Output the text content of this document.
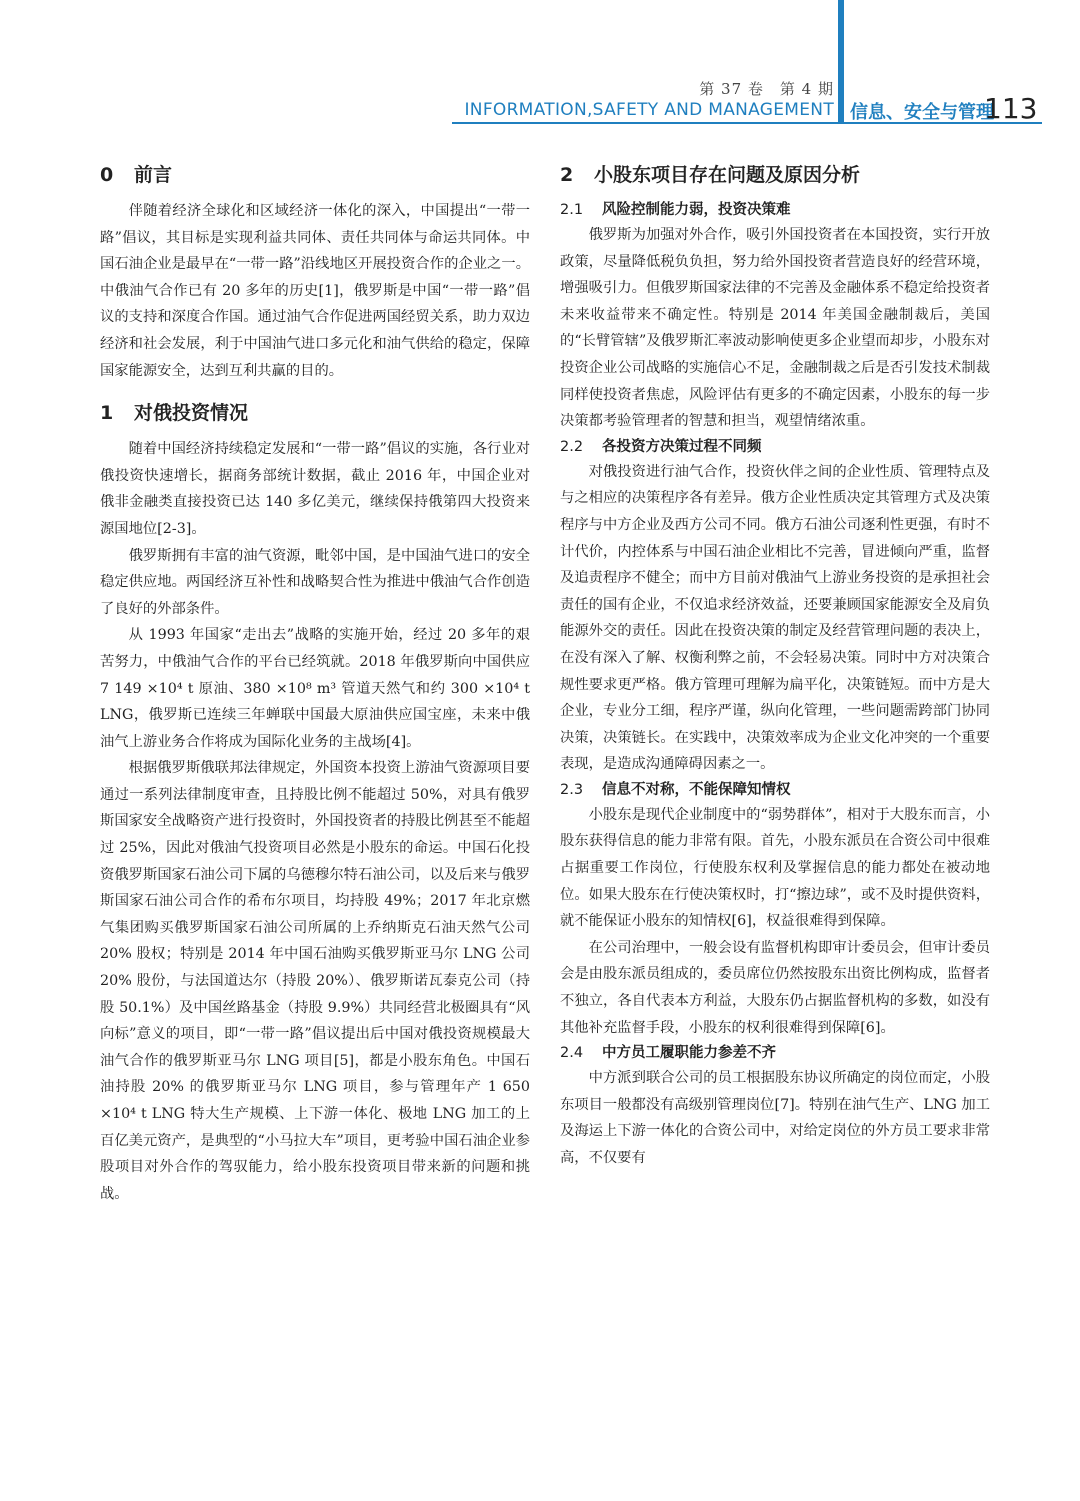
第 37 卷　第 4 期
INFORMATION,SAFETY AND MANAGEMENT 信息、安全与管理
113
0 前言

伴随着经济全球化和区域经济一体化的深入，中国提出“一带一路”倡议，其目标是实现利益共同体、责任共同体与命运共同体。中国石油企业是最早在“一带一路”沿线地区开展投资合作的企业之一。中俄油气合作已有 20 多年的历史[1]，俄罗斯是中国“一带一路”倡议的支持和深度合作国。通过油气合作促进两国经贸关系，助力双边经济和社会发展，利于中国油气进口多元化和油气供给的稳定，保障国家能源安全，达到互利共赢的目的。

1 对俄投资情况

随着中国经济持续稳定发展和“一带一路”倡议的实施，各行业对俄投资快速增长，据商务部统计数据，截止 2016 年，中国企业对俄非金融类直接投资已达 140 多亿美元，继续保持俄第四大投资来源国地位[2-3]。

俄罗斯拥有丰富的油气资源，毗邻中国，是中国油气进口的安全稳定供应地。两国经济互补性和战略契合性为推进中俄油气合作创造了良好的外部条件。

从 1993 年国家“走出去”战略的实施开始，经过 20 多年的艰苦努力，中俄油气合作的平台已经筑就。2018 年俄罗斯向中国供应7 149 ×10⁴ t 原油、380 ×10⁸ m³ 管道天然气和约 300 ×10⁴ t LNG，俄罗斯已连续三年蝉联中国最大原油供应国宝座，未来中俄油气上游业务合作将成为国际化业务的主战场[4]。

根据俄罗斯俄联邦法律规定，外国资本投资上游油气资源项目要通过一系列法律制度审查，且持股比例不能超过 50%，对具有俄罗斯国家安全战略资产进行投资时，外国投资者的持股比例甚至不能超过 25%，因此对俄油气投资项目必然是小股东的命运。中国石化投资俄罗斯国家石油公司下属的乌德穆尔特石油公司，以及后来与俄罗斯国家石油公司合作的希布尔项目，均持股 49%；2017 年北京燃气集团购买俄罗斯国家石油公司所属的上乔纳斯克石油天然气公司 20% 股权；特别是 2014 年中国石油购买俄罗斯亚马尔 LNG 公司 20% 股份，与法国道达尔（持股 20%）、俄罗斯诺瓦泰克公司（持股 50.1%）及中国丝路基金（持股 9.9%）共同经营北极圈具有“风向标”意义的项目，即“一带一路”倡议提出后中国对俄投资规模最大油气合作的俄罗斯亚马尔 LNG 项目[5]，都是小股东角色。中国石油持股 20% 的俄罗斯亚马尔 LNG 项目，参与管理年产 1 650 ×10⁴ t LNG 特大生产规模、上下游一体化、极地 LNG 加工的上百亿美元资产，是典型的“小马拉大车”项目，更考验中国石油企业参股项目对外合作的驾驭能力，给小股东投资项目带来新的问题和挑战。

2 小股东项目存在问题及原因分析
2.1 风险控制能力弱，投资决策难

俄罗斯为加强对外合作，吸引外国投资者在本国投资，实行开放政策，尽量降低税负负担，努力给外国投资者营造良好的经营环境，增强吸引力。但俄罗斯国家法律的不完善及金融体系不稳定给投资者未来收益带来不确定性。特别是 2014 年美国金融制裁后，美国的“长臂管辖”及俄罗斯汇率波动影响使更多企业望而却步，小股东对投资企业公司战略的实施信心不足，金融制裁之后是否引发技术制裁同样使投资者焦虑，风险评估有更多的不确定因素，小股东的每一步决策都考验管理者的智慧和担当，观望情绪浓重。

2.2 各投资方决策过程不同频

对俄投资进行油气合作，投资伙伴之间的企业性质、管理特点及与之相应的决策程序各有差异。俄方企业性质决定其管理方式及决策程序与中方企业及西方公司不同。俄方石油公司逐利性更强，有时不计代价，内控体系与中国石油企业相比不完善，冒进倾向严重，监督及追责程序不健全；而中方目前对俄油气上游业务投资的是承担社会责任的国有企业，不仅追求经济效益，还要兼顾国家能源安全及肩负能源外交的责任。因此在投资决策的制定及经营管理问题的表决上，在没有深入了解、权衡利弊之前，不会轻易决策。同时中方对决策合规性要求更严格。俄方管理可理解为扁平化，决策链短。而中方是大企业，专业分工细，程序严谨，纵向化管理，一些问题需跨部门协同决策，决策链长。在实践中，决策效率成为企业文化冲突的一个重要表现，是造成沟通障碍因素之一。

2.3 信息不对称，不能保障知情权

小股东是现代企业制度中的“弱势群体”，相对于大股东而言，小股东获得信息的能力非常有限。首先，小股东派员在合资公司中很难占据重要工作岗位，行使股东权利及掌握信息的能力都处在被动地位。如果大股东在行使决策权时，打“擦边球”，或不及时提供资料，就不能保证小股东的知情权[6]，权益很难得到保障。

在公司治理中，一般会设有监督机构即审计委员会，但审计委员会是由股东派员组成的，委员席位仍然按股东出资比例构成，监督者不独立，各自代表本方利益，大股东仍占据监督机构的多数，如没有其他补充监督手段，小股东的权利很难得到保障[6]。

2.4 中方员工履职能力参差不齐

中方派到联合公司的员工根据股东协议所确定的岗位而定，小股东项目一般都没有高级别管理岗位[7]。特别在油气生产、LNG 加工及海运上下游一体化的合资公司中，对给定岗位的外方员工要求非常高，不仅要有
